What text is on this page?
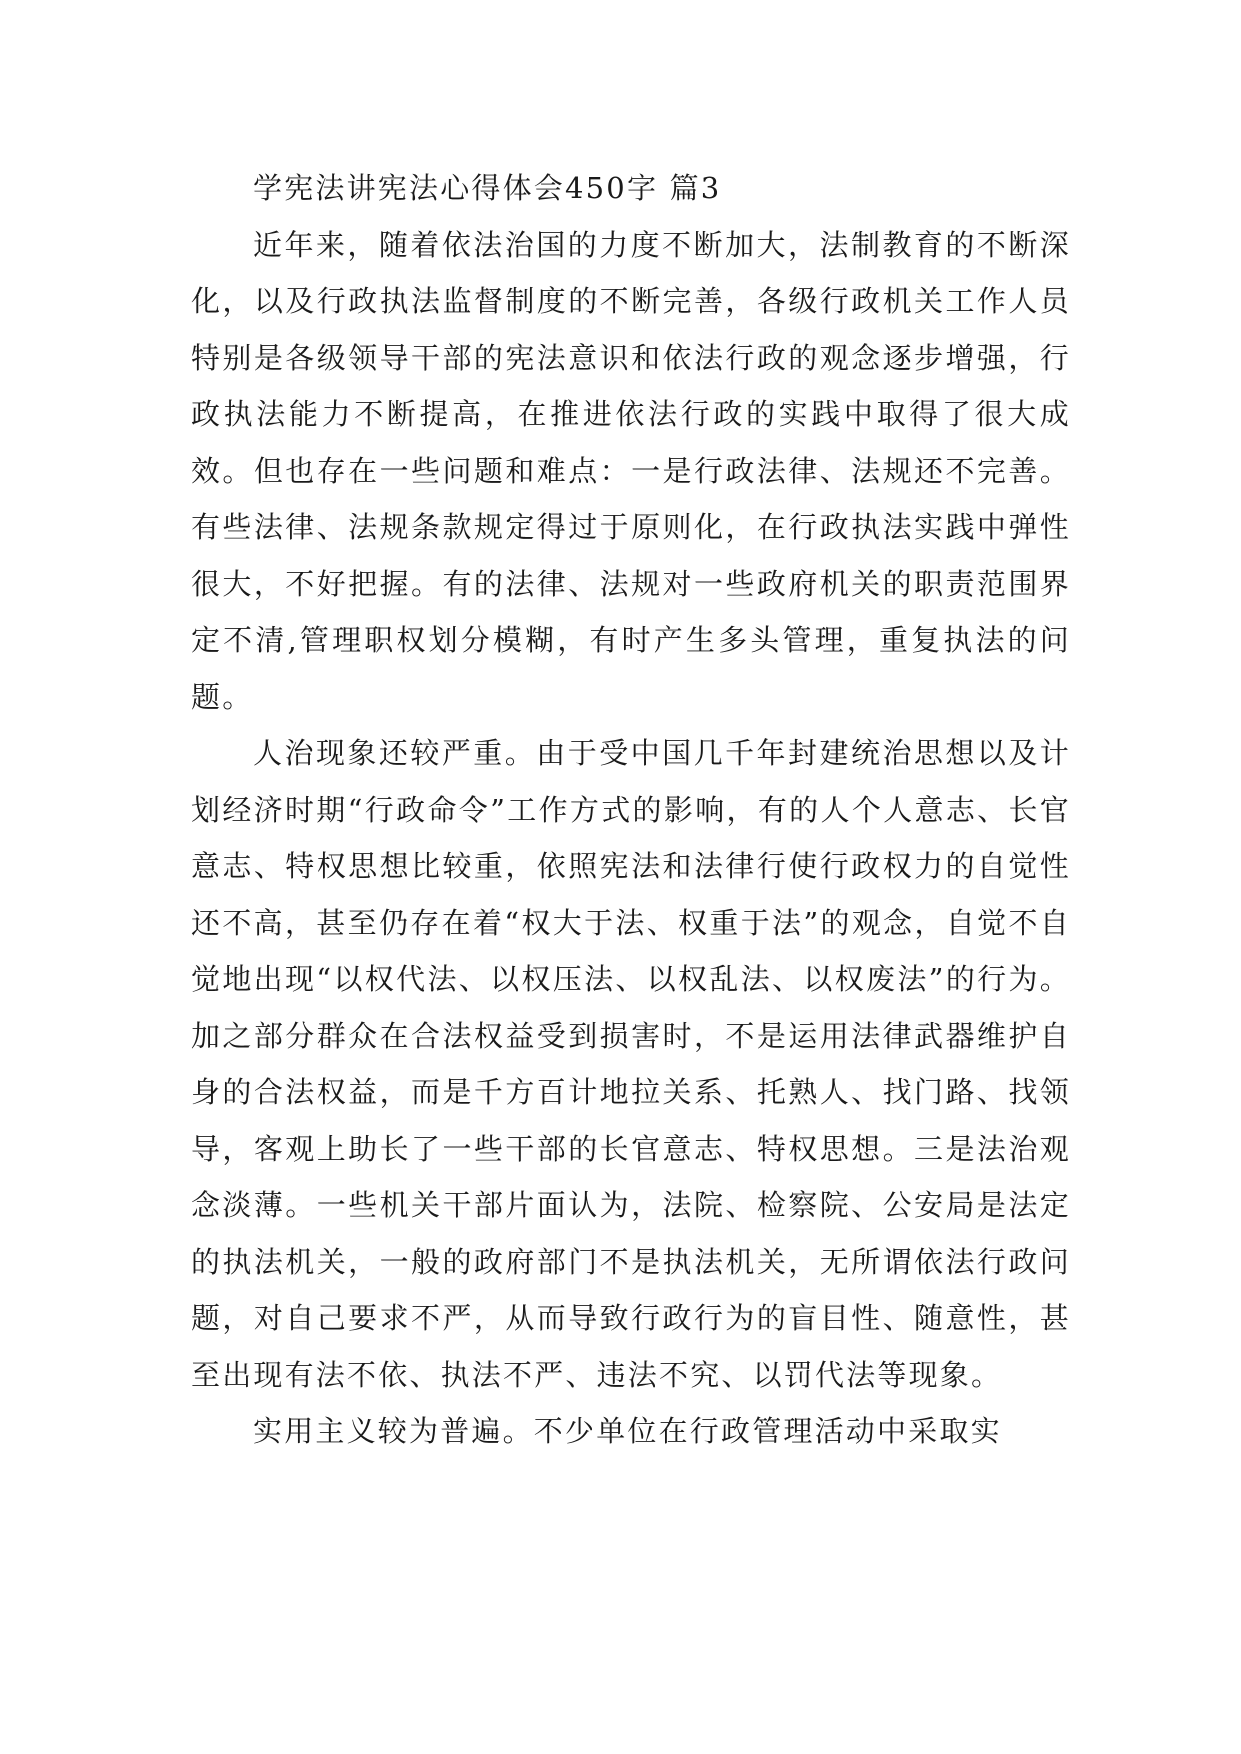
学宪法讲宪法心得体会450字 篇3

近年来，随着依法治国的力度不断加大，法制教育的不断深化，以及行政执法监督制度的不断完善，各级行政机关工作人员特别是各级领导干部的宪法意识和依法行政的观念逐步增强，行政执法能力不断提高，在推进依法行政的实践中取得了很大成效。但也存在一些问题和难点：一是行政法律、法规还不完善。有些法律、法规条款规定得过于原则化，在行政执法实践中弹性很大，不好把握。有的法律、法规对一些政府机关的职责范围界定不清,管理职权划分模糊，有时产生多头管理，重复执法的问题。

人治现象还较严重。由于受中国几千年封建统治思想以及计划经济时期“行政命令”工作方式的影响，有的人个人意志、长官意志、特权思想比较重，依照宪法和法律行使行政权力的自觉性还不高，甚至仍存在着“权大于法、权重于法”的观念，自觉不自觉地出现“以权代法、以权压法、以权乱法、以权废法”的行为。加之部分群众在合法权益受到损害时，不是运用法律武器维护自身的合法权益，而是千方百计地拉关系、托熟人、找门路、找领导，客观上助长了一些干部的长官意志、特权思想。三是法治观念淡薄。一些机关干部片面认为，法院、检察院、公安局是法定的执法机关，一般的政府部门不是执法机关，无所谓依法行政问题，对自己要求不严，从而导致行政行为的盲目性、随意性，甚至出现有法不依、执法不严、违法不究、以罚代法等现象。

实用主义较为普遍。不少单位在行政管理活动中采取实
